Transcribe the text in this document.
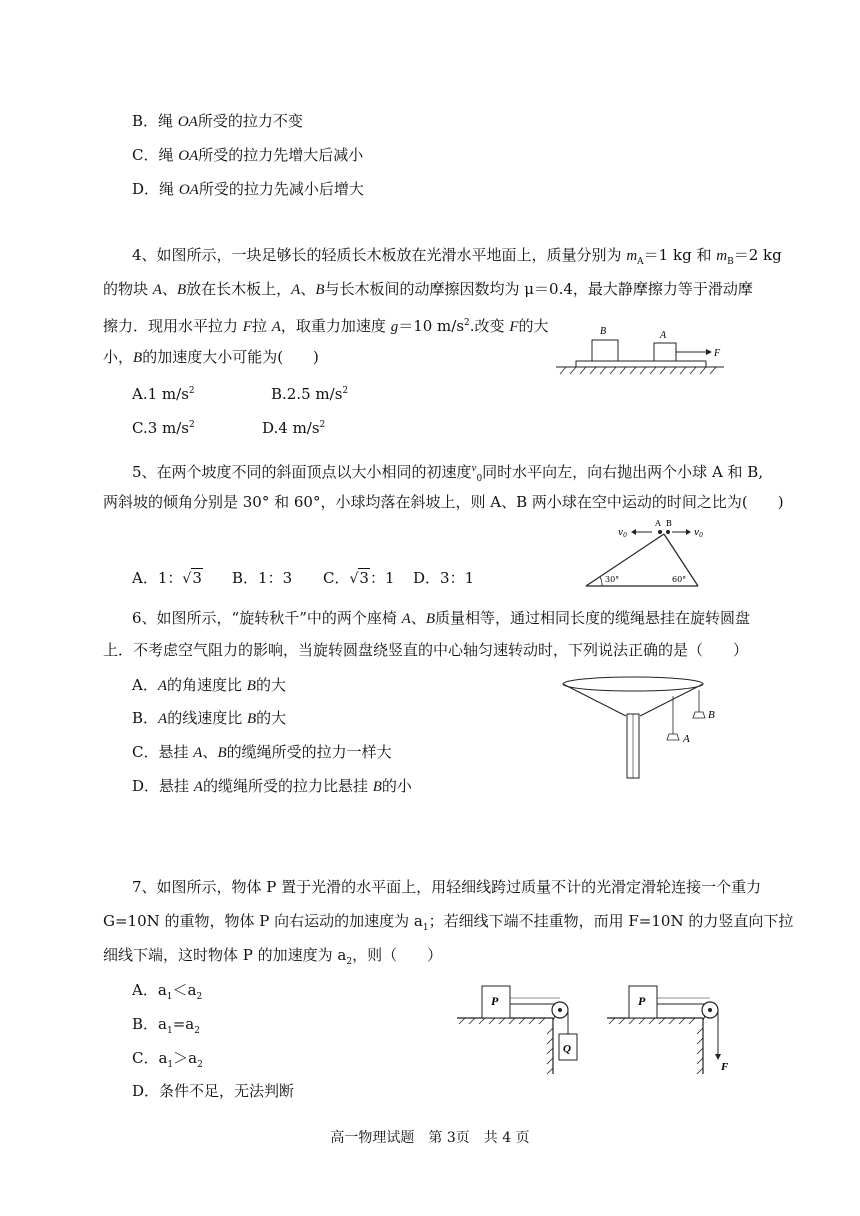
B．绳 OA所受的拉力不变
C．绳 OA所受的拉力先增大后减小
D．绳 OA所受的拉力先减小后增大
4、如图所示，一块足够长的轻质长木板放在光滑水平地面上，质量分别为 $m_A=1$ kg 和 $m_B=2$ kg
的物块 A、B放在长木板上，A、B与长木板间的动摩擦因数均为 μ＝0.4，最大静摩擦力等于滑动摩
擦力．现用水平拉力 F拉 A，取重力加速度 g＝10 $m/s^2$.改变 F的大
小，B的加速度大小可能为(　　)
A.1 $m/s^2$	B.2.5 $m/s^2$
C.3 $m/s^2$	D.4 $m/s^2$
B	A
F
5、在两个坡度不同的斜面顶点以大小相同的初速度$^v_0$同时水平向左，向右抛出两个小球 A 和 B,
两斜坡的倾角分别是 30° 和 60°，小球均落在斜坡上，则 A、B 两小球在空中运动的时间之比为(　　)
A．1：√3 B．1：3 C．√3：1 D．3：1
$v_0$	$v_0$
A B
30°	60°
6、如图所示，“旋转秋千”中的两个座椅 A、B质量相等，通过相同长度的缆绳悬挂在旋转圆盘
上．不考虑空气阻力的影响，当旋转圆盘绕竖直的中心轴匀速转动时，下列说法正确的是（　　）
A．A的角速度比 B的大
B．A的线速度比 B的大
C．悬挂 A、B的缆绳所受的拉力一样大
D．悬挂 A的缆绳所受的拉力比悬挂 B的小
A
B
7、如图所示，物体 P 置于光滑的水平面上，用轻细线跨过质量不计的光滑定滑轮连接一个重力
G=10N 的重物，物体 P 向右运动的加速度为 $a_1$；若细线下端不挂重物，而用 F=10N 的力竖直向下拉
细线下端，这时物体 P 的加速度为 $a_2$，则（　　）
A．$a_1<a_2$
B．$a_1=a_2$
C．$a_1>a_2$
D．条件不足，无法判断
P
Q
P
F
高一物理试题　第 3页　共 4 页
